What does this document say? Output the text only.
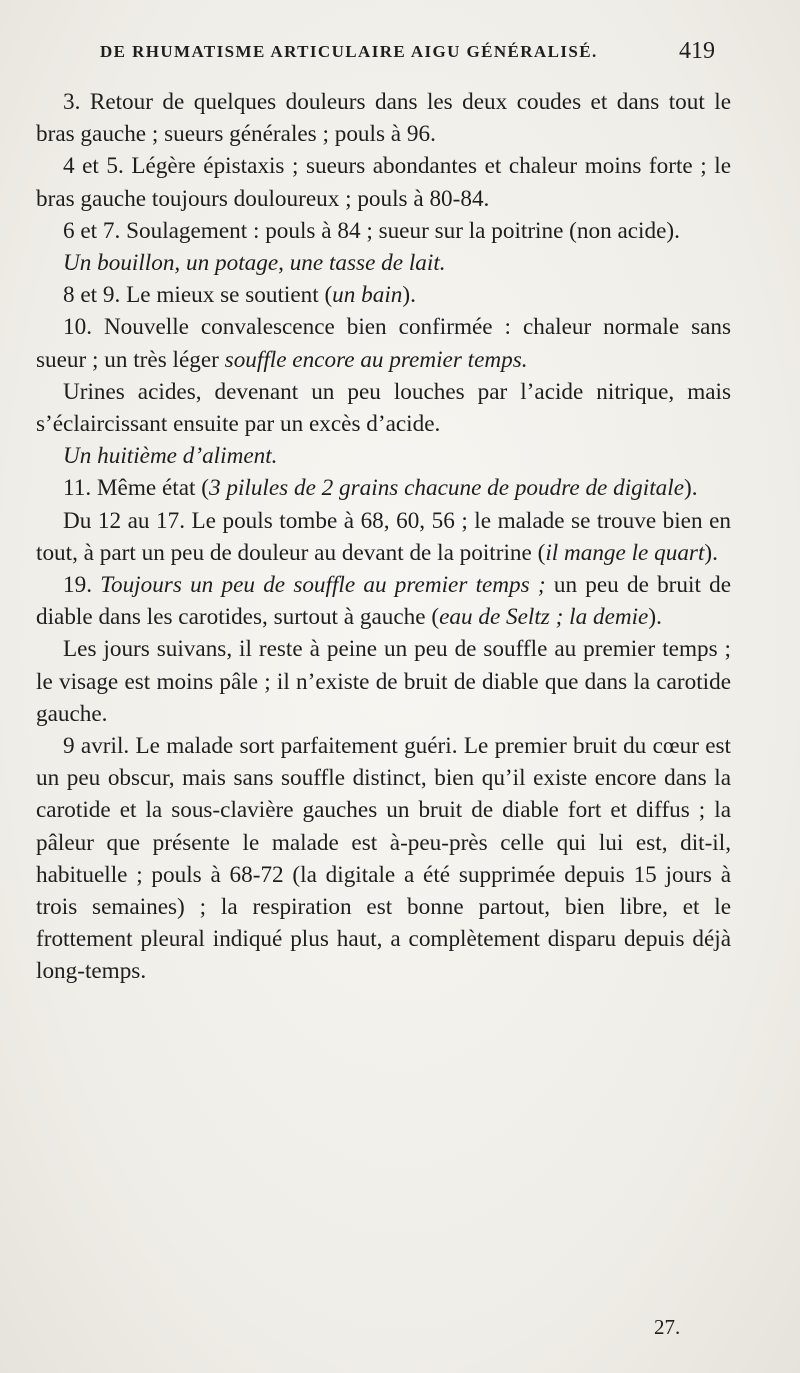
DE RHUMATISME ARTICULAIRE AIGU GÉNÉRALISÉ.	419

3. Retour de quelques douleurs dans les deux coudes et dans tout le bras gauche ; sueurs générales ; pouls à 96.

4 et 5. Légère épistaxis ; sueurs abondantes et chaleur moins forte ; le bras gauche toujours douloureux ; pouls à 80-84.

6 et 7. Soulagement : pouls à 84 ; sueur sur la poitrine (non acide).

Un bouillon, un potage, une tasse de lait.

8 et 9. Le mieux se soutient (un bain).

10. Nouvelle convalescence bien confirmée : chaleur normale sans sueur ; un très léger souffle encore au premier temps.

Urines acides, devenant un peu louches par l’acide nitrique, mais s’éclaircissant ensuite par un excès d’acide.

Un huitième d’aliment.

11. Même état (3 pilules de 2 grains chacune de poudre de digitale).

Du 12 au 17. Le pouls tombe à 68, 60, 56 ; le malade se trouve bien en tout, à part un peu de douleur au devant de la poitrine (il mange le quart).

19. Toujours un peu de souffle au premier temps ; un peu de bruit de diable dans les carotides, surtout à gauche (eau de Seltz ; la demie).

Les jours suivans, il reste à peine un peu de souffle au premier temps ; le visage est moins pâle ; il n’existe de bruit de diable que dans la carotide gauche.

9 avril. Le malade sort parfaitement guéri. Le premier bruit du cœur est un peu obscur, mais sans souffle distinct, bien qu’il existe encore dans la carotide et la sous-clavière gauches un bruit de diable fort et diffus ; la pâleur que présente le malade est à-peu-près celle qui lui est, dit-il, habituelle ; pouls à 68-72 (la digitale a été supprimée depuis 15 jours à trois semaines) ; la respiration est bonne partout, bien libre, et le frottement pleural indiqué plus haut, a complètement disparu depuis déjà long-temps.

27.
